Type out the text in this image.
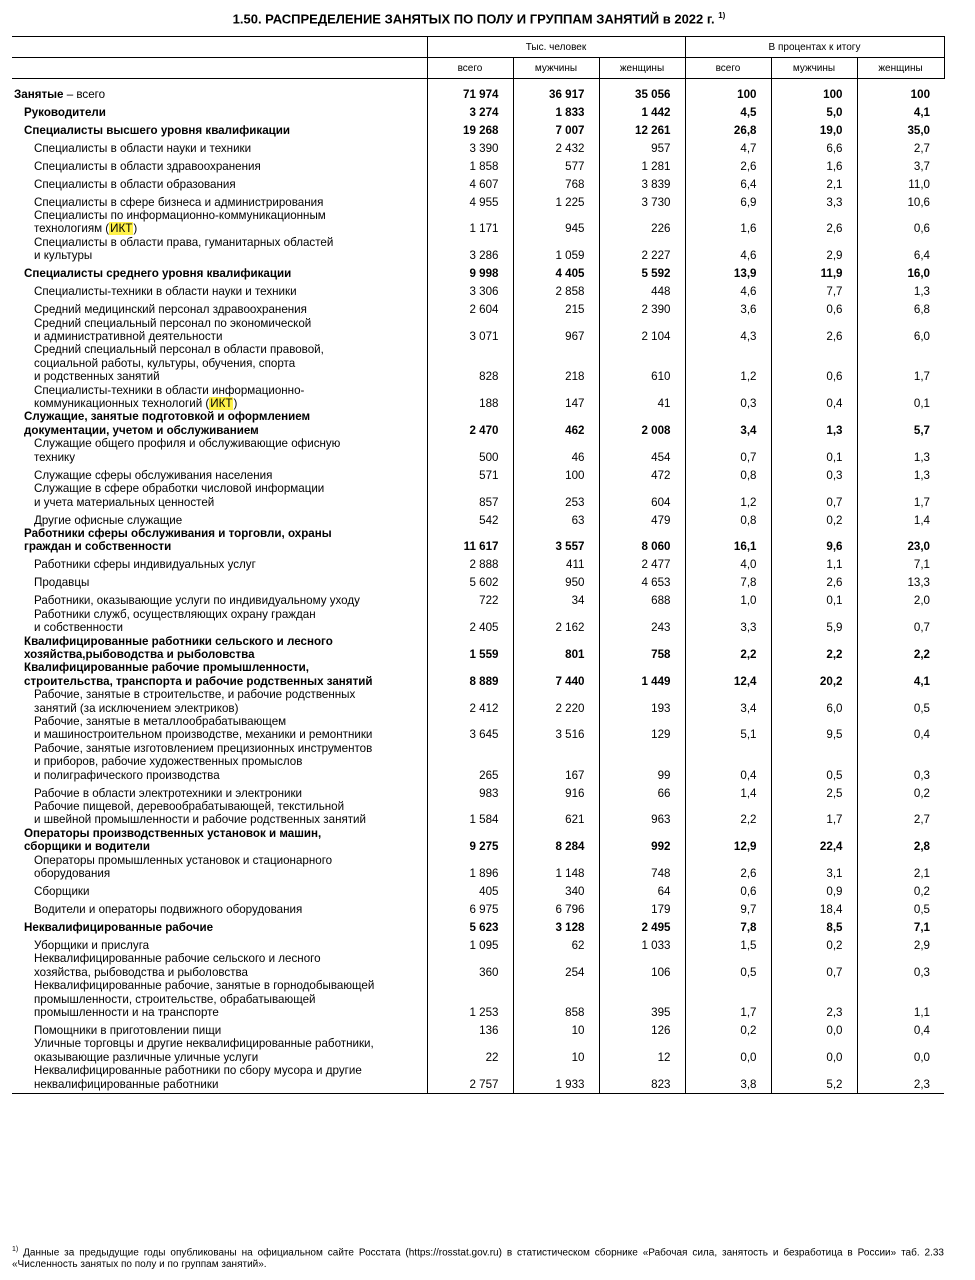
1.50. РАСПРЕДЕЛЕНИЕ ЗАНЯТЫХ ПО ПОЛУ И ГРУППАМ ЗАНЯТИЙ в 2022 г. $^{1)}$
	Тыс. человек			В процентах к итогу		
	всего	мужчины	женщины	всего	мужчины	женщины
Занятые – всего	71 974	36 917	35 056	100	100	100
Руководители	3 274	1 833	1 442	4,5	5,0	4,1
Специалисты высшего уровня квалификации	19 268	7 007	12 261	26,8	19,0	35,0
Специалисты в области науки и техники	3 390	2 432	957	4,7	6,6	2,7
Специалисты в области здравоохранения	1 858	577	1 281	2,6	1,6	3,7
Специалисты в области образования	4 607	768	3 839	6,4	2,1	11,0
Специалисты в сфере бизнеса и администрирования	4 955	1 225	3 730	6,9	3,3	10,6
Специалисты по информационно-коммуникационным
технологиям (ИКТ)	1 171	945	226	1,6	2,6	0,6
Специалисты в области права, гуманитарных областей
и культуры	3 286	1 059	2 227	4,6	2,9	6,4
Специалисты среднего уровня квалификации	9 998	4 405	5 592	13,9	11,9	16,0
Специалисты-техники в области науки и техники	3 306	2 858	448	4,6	7,7	1,3
Средний медицинский персонал здравоохранения	2 604	215	2 390	3,6	0,6	6,8
Средний специальный персонал по экономической
и административной деятельности	3 071	967	2 104	4,3	2,6	6,0
Средний специальный персонал в области правовой,
социальной работы, культуры, обучения, спорта
и родственных занятий	828	218	610	1,2	0,6	1,7
Специалисты-техники в области информационно-
коммуникационных технологий (ИКТ)	188	147	41	0,3	0,4	0,1
Служащие, занятые подготовкой и оформлением
документации, учетом и обслуживанием	2 470	462	2 008	3,4	1,3	5,7
Служащие общего профиля и обслуживающие офисную
технику	500	46	454	0,7	0,1	1,3
Служащие сферы обслуживания населения	571	100	472	0,8	0,3	1,3
Служащие в сфере обработки числовой информации
и учета материальных ценностей	857	253	604	1,2	0,7	1,7
Другие офисные служащие	542	63	479	0,8	0,2	1,4
Работники сферы обслуживания и торговли, охраны
граждан и собственности	11 617	3 557	8 060	16,1	9,6	23,0
Работники сферы индивидуальных услуг	2 888	411	2 477	4,0	1,1	7,1
Продавцы	5 602	950	4 653	7,8	2,6	13,3
Работники, оказывающие услуги по индивидуальному уходу	722	34	688	1,0	0,1	2,0
Работники служб, осуществляющих охрану граждан
и собственности	2 405	2 162	243	3,3	5,9	0,7
Квалифицированные работники сельского и лесного
хозяйства,рыбоводства и рыболовства	1 559	801	758	2,2	2,2	2,2
Квалифицированные рабочие промышленности,
строительства, транспорта и рабочие родственных занятий	8 889	7 440	1 449	12,4	20,2	4,1
Рабочие, занятые в строительстве, и рабочие родственных
занятий (за исключением электриков)	2 412	2 220	193	3,4	6,0	0,5
Рабочие, занятые в металлообрабатывающем
и машиностроительном производстве, механики и ремонтники	3 645	3 516	129	5,1	9,5	0,4
Рабочие, занятые изготовлением прецизионных инструментов
и приборов, рабочие художественных промыслов
и полиграфического производства	265	167	99	0,4	0,5	0,3
Рабочие в области электротехники и электроники	983	916	66	1,4	2,5	0,2
Рабочие пищевой, деревообрабатывающей, текстильной
и швейной промышленности и рабочие родственных занятий	1 584	621	963	2,2	1,7	2,7
Операторы производственных установок и машин,
сборщики и водители	9 275	8 284	992	12,9	22,4	2,8
Операторы промышленных установок и стационарного
оборудования	1 896	1 148	748	2,6	3,1	2,1
Сборщики	405	340	64	0,6	0,9	0,2
Водители и операторы подвижного оборудования	6 975	6 796	179	9,7	18,4	0,5
Неквалифицированные рабочие	5 623	3 128	2 495	7,8	8,5	7,1
Уборщики и прислуга	1 095	62	1 033	1,5	0,2	2,9
Неквалифицированные рабочие сельского и лесного
хозяйства, рыбоводства и рыболовства	360	254	106	0,5	0,7	0,3
Неквалифицированные рабочие, занятые в горнодобывающей
промышленности, строительстве, обрабатывающей
промышленности и на транспорте	1 253	858	395	1,7	2,3	1,1
Помощники в приготовлении пищи	136	10	126	0,2	0,0	0,4
Уличные торговцы и другие неквалифицированные работники,
оказывающие различные уличные услуги	22	10	12	0,0	0,0	0,0
Неквалифицированные работники по сбору мусора и другие
неквалифицированные работники	2 757	1 933	823	3,8	5,2	2,3
$^{1)}$ Данные за предыдущие годы опубликованы на официальном сайте Росстата (https://rosstat.gov.ru) в статистическом сборнике «Рабочая сила, занятость и безработица в России» таб. 2.33 «Численность занятых по полу и по группам занятий».
